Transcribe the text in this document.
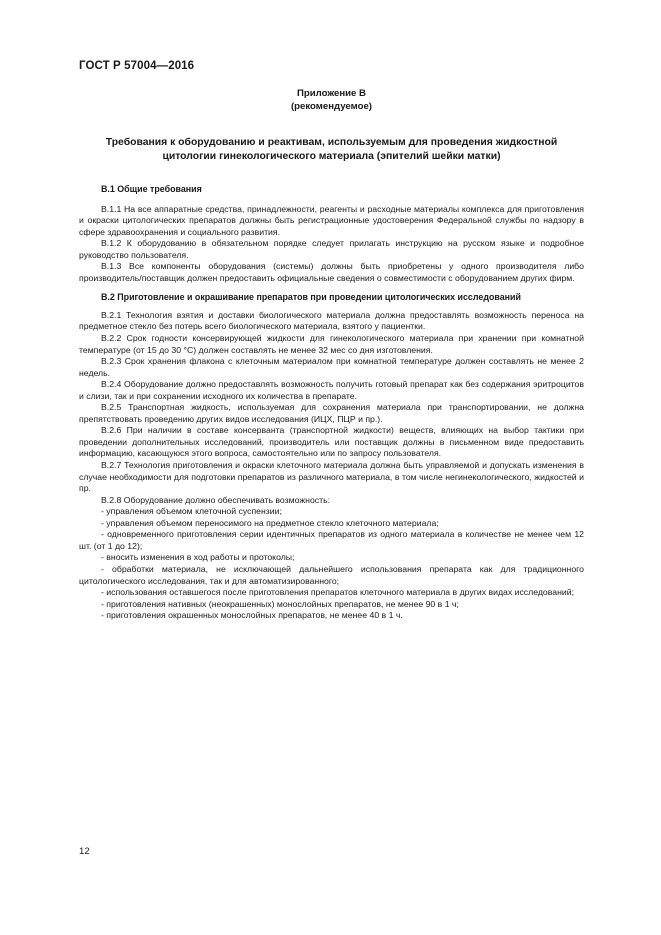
ГОСТ Р 57004—2016
Приложение В
(рекомендуемое)
Требования к оборудованию и реактивам, используемым для проведения жидкостной
цитологии гинекологического материала (эпителий шейки матки)
В.1 Общие требования

В.1.1 На все аппаратные средства, принадлежности, реагенты и расходные материалы комплекса для приготовления и окраски цитологических препаратов должны быть регистрационные удостоверения Федеральной службы по надзору в сфере здравоохранения и социального развития.

В.1.2 К оборудованию в обязательном порядке следует прилагать инструкцию на русском языке и подробное руководство пользователя.

В.1.3 Все компоненты оборудования (системы) должны быть приобретены у одного производителя либо производитель/поставщик должен предоставить официальные сведения о совместимости с оборудованием других фирм.

В.2 Приготовление и окрашивание препаратов при проведении цитологических исследований

В.2.1 Технология взятия и доставки биологического материала должна предоставлять возможность переноса на предметное стекло без потерь всего биологического материала, взятого у пациентки.

В.2.2 Срок годности консервирующей жидкости для гинекологического материала при хранении при комнатной температуре (от 15 до 30 °С) должен составлять не менее 32 мес со дня изготовления.

В.2.3 Срок хранения флакона с клеточным материалом при комнатной температуре должен составлять не менее 2 недель.

В.2.4 Оборудование должно предоставлять возможность получить готовый препарат как без содержания эритроцитов и слизи, так и при сохранении исходного их количества в препарате.

В.2.5 Транспортная жидкость, используемая для сохранения материала при транспортировании, не должна препятствовать проведению других видов исследования (ИЦХ, ПЦР и пр.).

В.2.6 При наличии в составе консерванта (транспортной жидкости) веществ, влияющих на выбор тактики при проведении дополнительных исследований, производитель или поставщик должны в письменном виде предоставить информацию, касающуюся этого вопроса, самостоятельно или по запросу пользователя.

В.2.7 Технология приготовления и окраски клеточного материала должна быть управляемой и допускать изменения в случае необходимости для подготовки препаратов из различного материала, в том числе негинекологического, жидкостей и пр.

В.2.8 Оборудование должно обеспечивать возможность:

- управления объемом клеточной суспензии;

- управления объемом переносимого на предметное стекло клеточного материала;

- одновременного приготовления серии идентичных препаратов из одного материала в количестве не менее чем 12 шт. (от 1 до 12);

- вносить изменения в ход работы и протоколы;

- обработки материала, не исключающей дальнейшего использования препарата как для традиционного цитологического исследования, так и для автоматизированного;

- использования оставшегося после приготовления препаратов клеточного материала в других видах исследований;

- приготовления нативных (неокрашенных) монослойных препаратов, не менее 90 в 1 ч;

- приготовления окрашенных монослойных препаратов, не менее 40 в 1 ч.

12
